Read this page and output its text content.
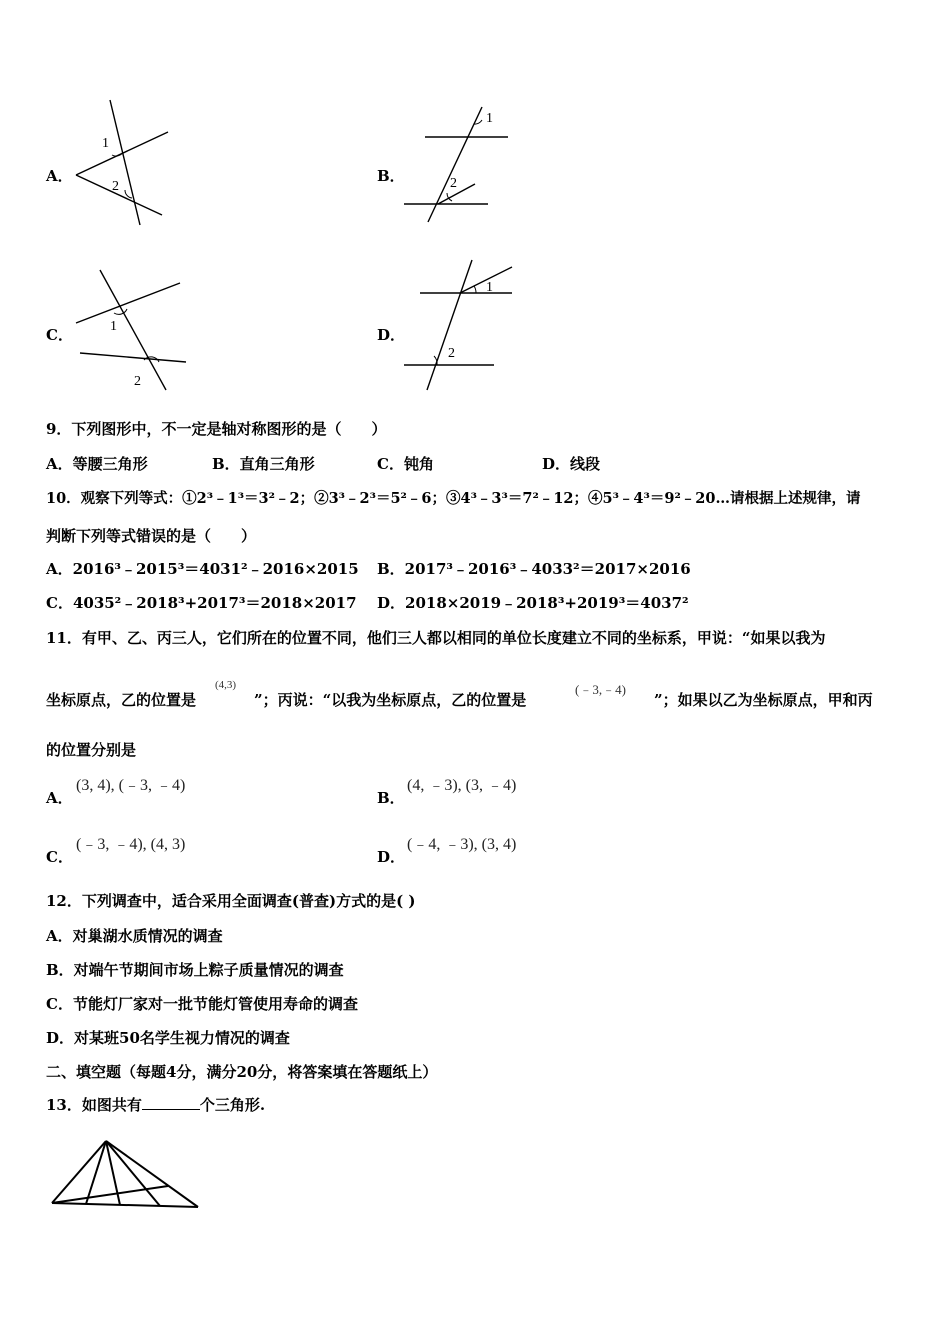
A．
1
2
B．
1
2
C．	1
2
D．
1
2
9．下列图形中，不一定是轴对称图形的是（　　）
A．等腰三角形	B．直角三角形	C．钝角	D．线段
10．观察下列等式：①2³﹣1³＝3²﹣2；②3³﹣2³＝5²﹣6；③4³﹣3³＝7²﹣12；④5³﹣4³＝9²﹣20…请根据上述规律，请
判断下列等式错误的是（　　）
A．2016³﹣2015³＝4031²﹣2016×2015 B．2017³﹣2016³﹣4033²＝2017×2016
C．4035²﹣2018³+2017³＝2018×2017 D．2018×2019﹣2018³+2019³＝4037²
11．有甲、乙、丙三人，它们所在的位置不同，他们三人都以相同的单位长度建立不同的坐标系，甲说：“如果以我为
坐标原点，乙的位置是
(4,3)
”；丙说：“以我为坐标原点，乙的位置是
(﹣3,﹣4)
”；如果以乙为坐标原点，甲和丙
的位置分别是
A．
(3, 4), (﹣3, ﹣4)
B．
(4, ﹣3), (3, ﹣4)
C．
(﹣3, ﹣4), (4, 3)
D．
(﹣4, ﹣3), (3, 4)
12．下列调查中，适合采用全面调查(普查)方式的是( )
A．对巢湖水质情况的调查
B．对端午节期间市场上粽子质量情况的调查
C．节能灯厂家对一批节能灯管使用寿命的调查
D．对某班50名学生视力情况的调查
二、填空题（每题4分，满分20分，将答案填在答题纸上）
13．如图共有	个三角形.
